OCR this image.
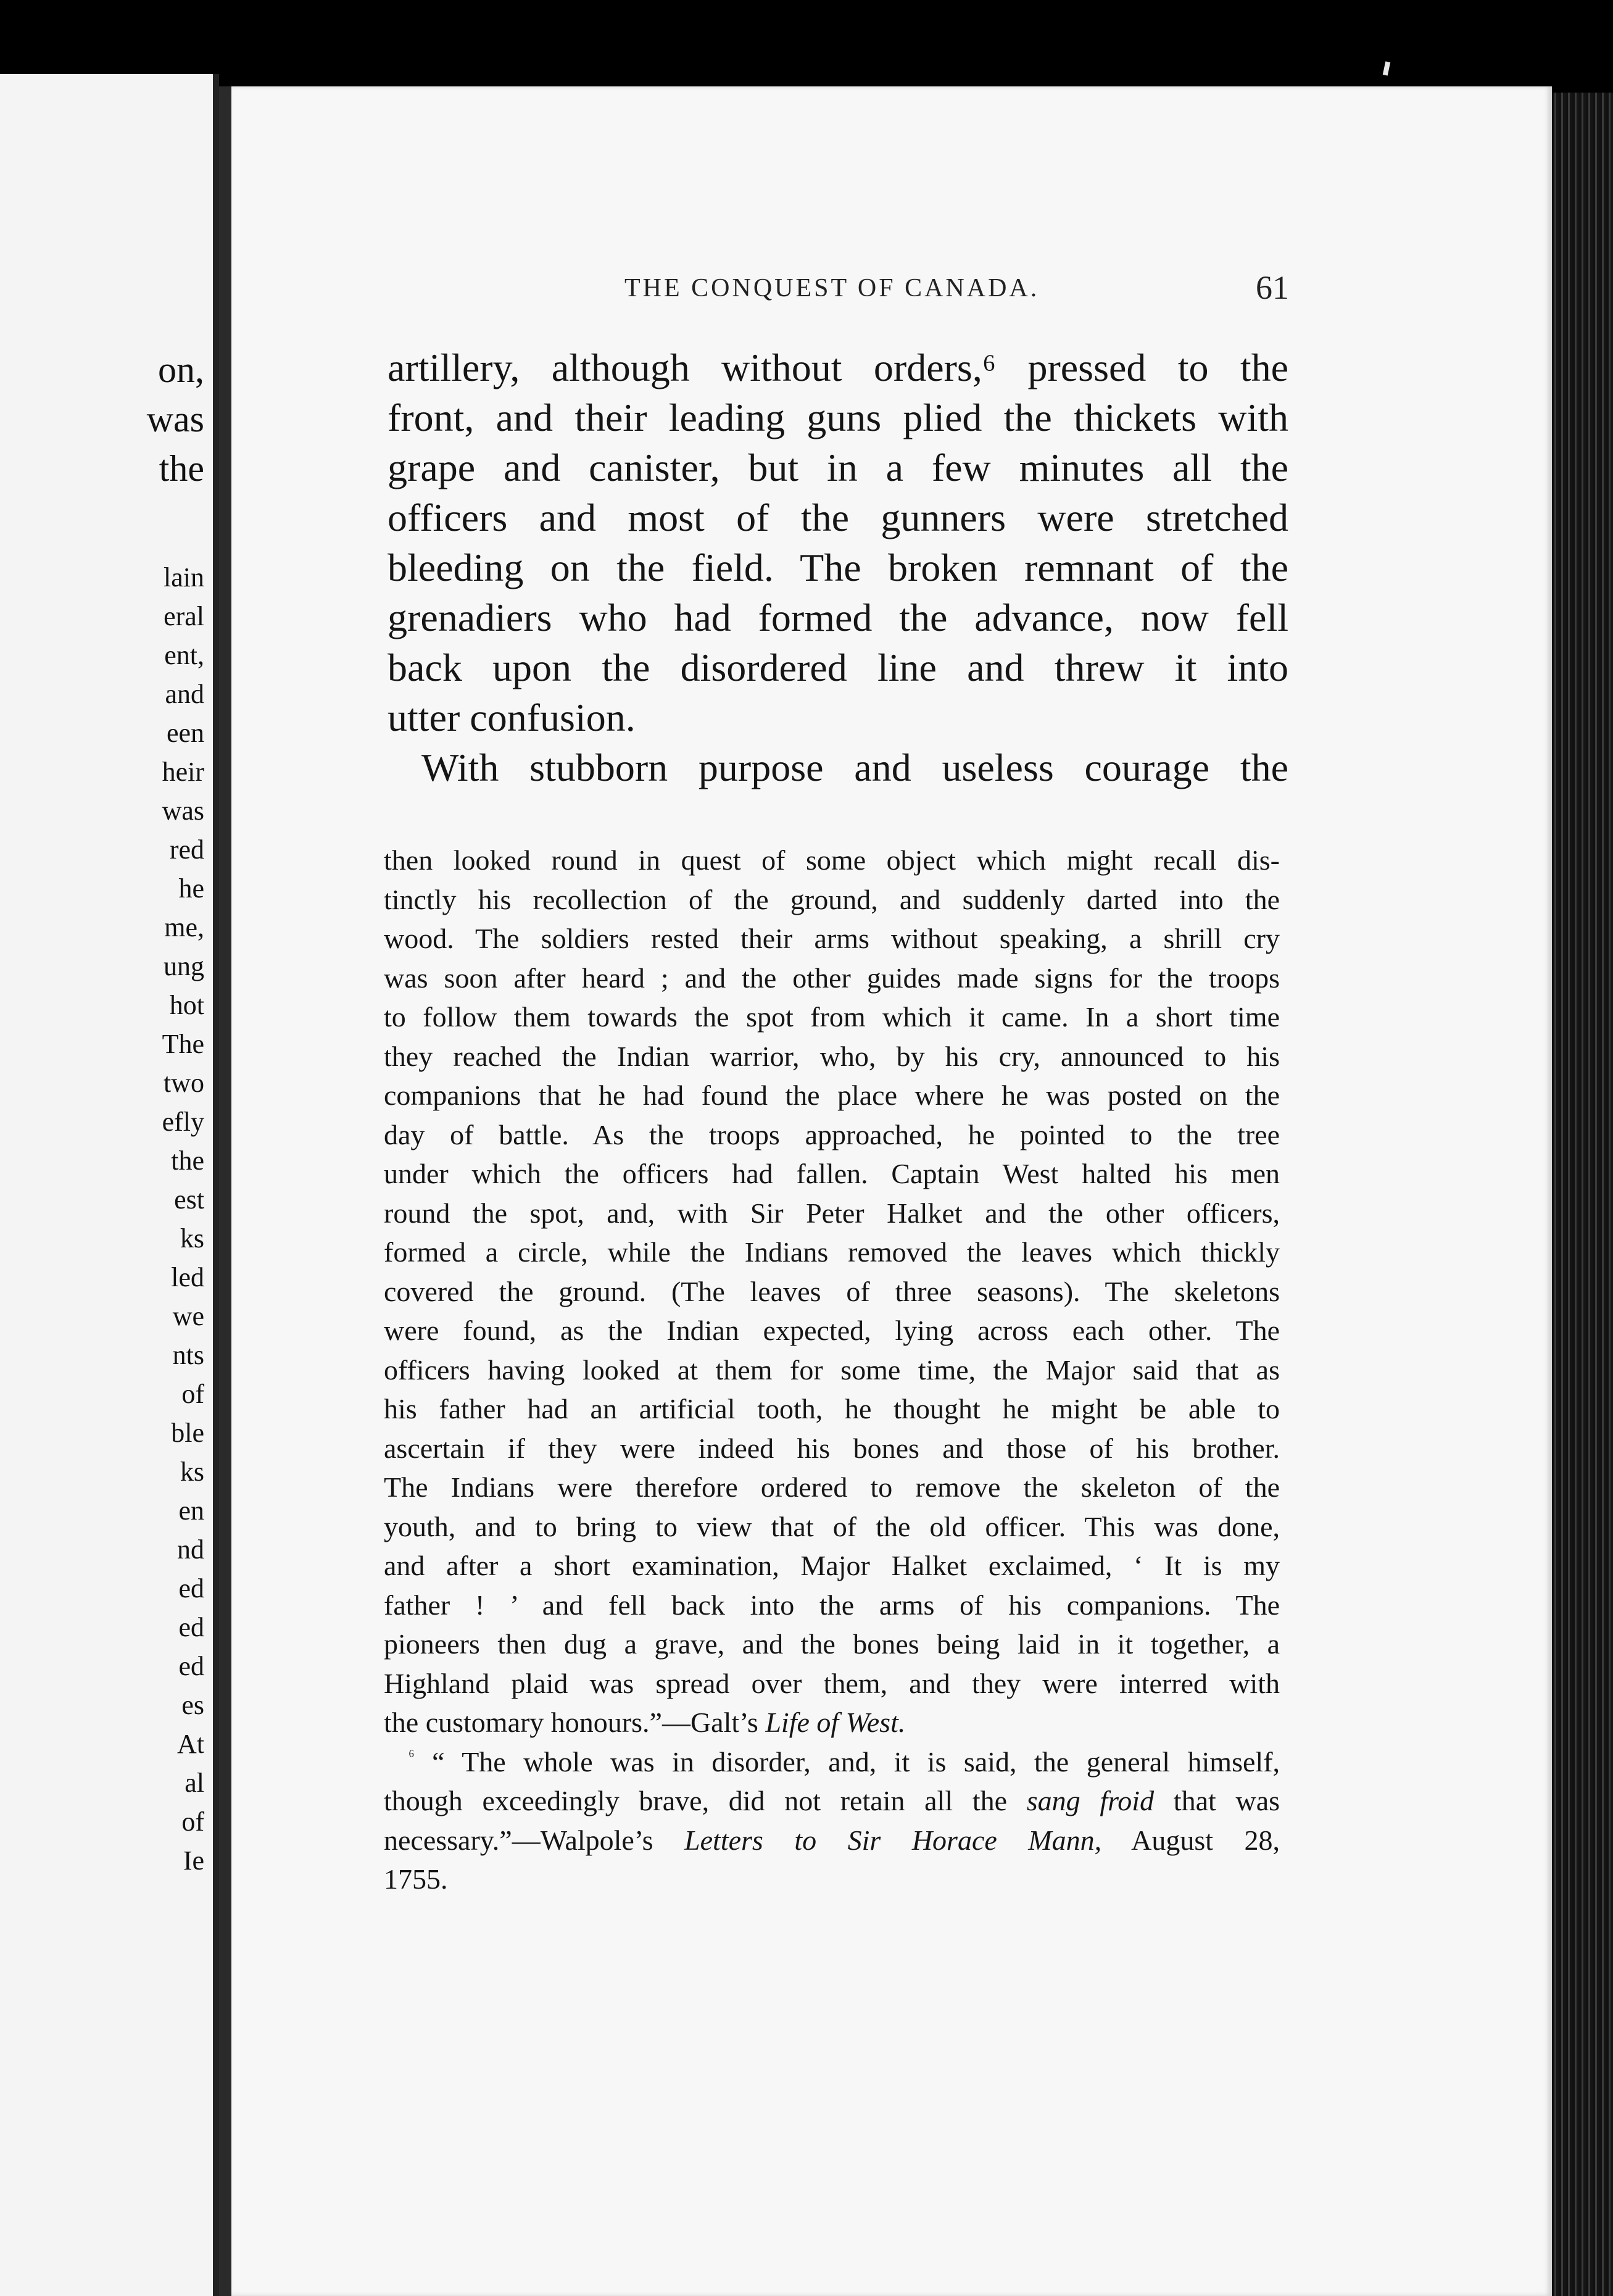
on,
was
the
lain
eral
ent,
and
een
heir
was
red
he
me,
ung
hot
The
two
efly
the
est
ks
led
we
nts
of
ble
ks
en
nd
ed
ed
ed
es
At
al
of
Ie
THE CONQUEST OF CANADA.	61
artillery, although without orders,⁶ pressed to the
front, and their leading guns plied the thickets with
grape and canister, but in a few minutes all the
officers and most of the gunners were stretched
bleeding on the field. The broken remnant of the
grenadiers who had formed the advance, now fell
back upon the disordered line and threw it into
utter confusion.
With stubborn purpose and useless courage the
then looked round in quest of some object which might recall dis-
tinctly his recollection of the ground, and suddenly darted into the
wood. The soldiers rested their arms without speaking, a shrill cry
was soon after heard ; and the other guides made signs for the troops
to follow them towards the spot from which it came. In a short time
they reached the Indian warrior, who, by his cry, announced to his
companions that he had found the place where he was posted on the
day of battle. As the troops approached, he pointed to the tree
under which the officers had fallen. Captain West halted his men
round the spot, and, with Sir Peter Halket and the other officers,
formed a circle, while the Indians removed the leaves which thickly
covered the ground. (The leaves of three seasons). The skeletons
were found, as the Indian expected, lying across each other. The
officers having looked at them for some time, the Major said that as
his father had an artificial tooth, he thought he might be able to
ascertain if they were indeed his bones and those of his brother.
The Indians were therefore ordered to remove the skeleton of the
youth, and to bring to view that of the old officer. This was done,
and after a short examination, Major Halket exclaimed, ‘ It is my
father ! ’ and fell back into the arms of his companions. The
pioneers then dug a grave, and the bones being laid in it together, a
Highland plaid was spread over them, and they were interred with
the customary honours.”—Galt’s Life of West.
$^{^6}$ “ The whole was in disorder, and, it is said, the general himself,
though exceedingly brave, did not retain all the sang froid that was
necessary.”—Walpole’s Letters to Sir Horace Mann, August 28,
1755.
